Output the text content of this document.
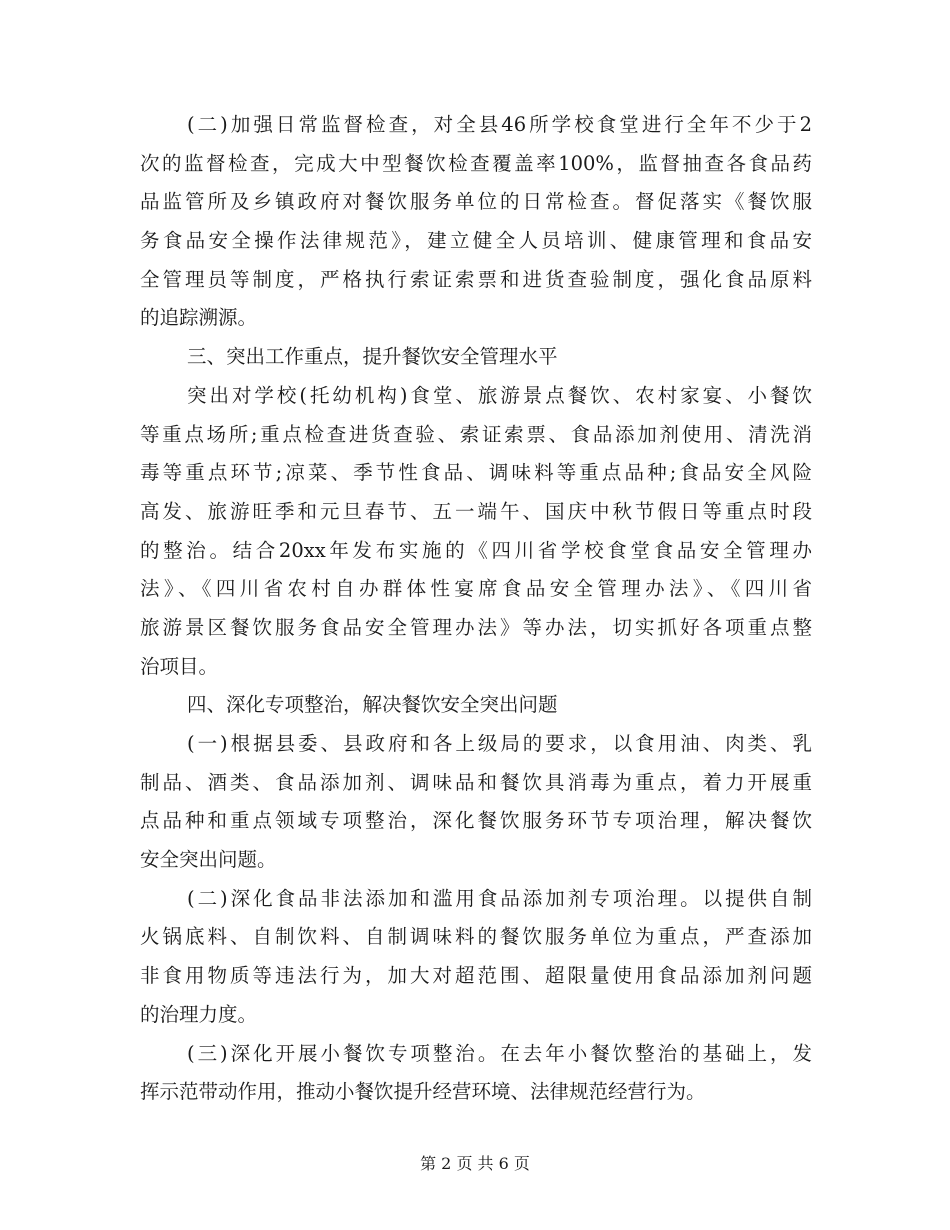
(二)加强日常监督检查，对全县46所学校食堂进行全年不少于2
次的监督检查，完成大中型餐饮检查覆盖率100%，监督抽查各食品药
品监管所及乡镇政府对餐饮服务单位的日常检查。督促落实《餐饮服
务食品安全操作法律规范》，建立健全人员培训、健康管理和食品安
全管理员等制度，严格执行索证索票和进货查验制度，强化食品原料
的追踪溯源。
三、突出工作重点，提升餐饮安全管理水平
突出对学校(托幼机构)食堂、旅游景点餐饮、农村家宴、小餐饮
等重点场所;重点检查进货查验、索证索票、食品添加剂使用、清洗消
毒等重点环节;凉菜、季节性食品、调味料等重点品种;食品安全风险
高发、旅游旺季和元旦春节、五一端午、国庆中秋节假日等重点时段
的整治。结合20xx年发布实施的《四川省学校食堂食品安全管理办
法》、《四川省农村自办群体性宴席食品安全管理办法》、《四川省
旅游景区餐饮服务食品安全管理办法》等办法，切实抓好各项重点整
治项目。
四、深化专项整治，解决餐饮安全突出问题
(一)根据县委、县政府和各上级局的要求，以食用油、肉类、乳
制品、酒类、食品添加剂、调味品和餐饮具消毒为重点，着力开展重
点品种和重点领域专项整治，深化餐饮服务环节专项治理，解决餐饮
安全突出问题。
(二)深化食品非法添加和滥用食品添加剂专项治理。以提供自制
火锅底料、自制饮料、自制调味料的餐饮服务单位为重点，严查添加
非食用物质等违法行为，加大对超范围、超限量使用食品添加剂问题
的治理力度。
(三)深化开展小餐饮专项整治。在去年小餐饮整治的基础上，发
挥示范带动作用，推动小餐饮提升经营环境、法律规范经营行为。
第 2 页 共 6 页
